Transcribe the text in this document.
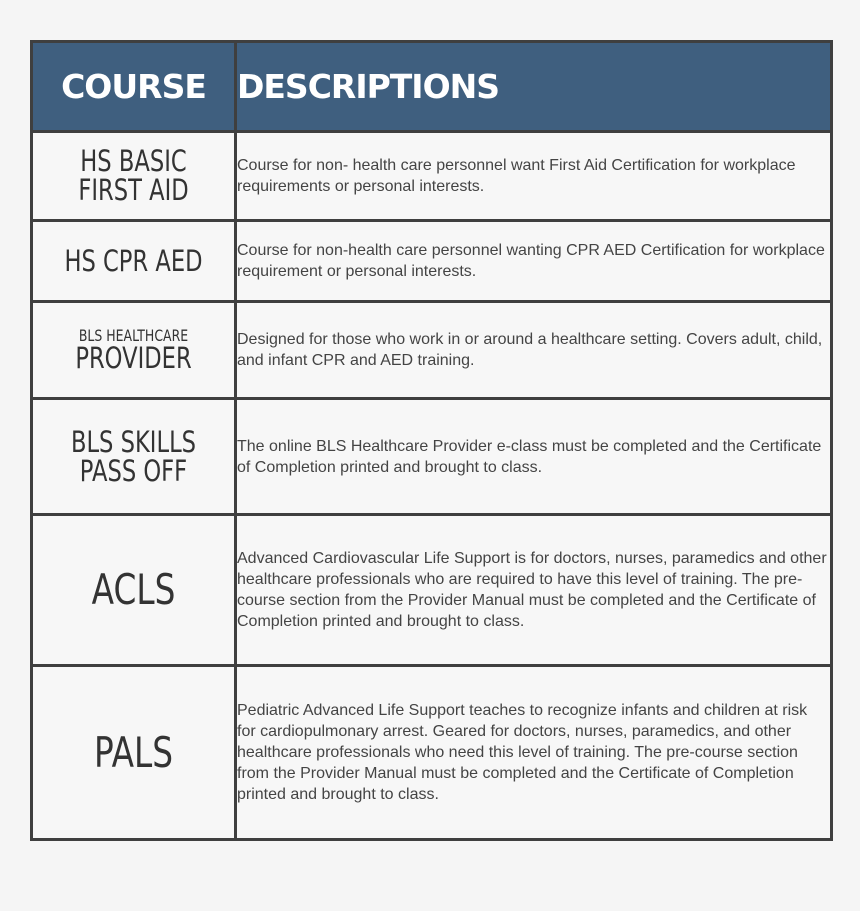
COURSE	DESCRIPTIONS

HS BASIC
FIRST AID	Course for non- health care personnel want First Aid Certification for workplace requirements or personal interests.

HS CPR AED	Course for non-health care personnel wanting CPR AED Certification for workplace requirement or personal interests.

BLS HEALTHCARE
PROVIDER	Designed for those who work in or around a healthcare setting. Covers adult, child, and infant CPR and AED training.

BLS SKILLS
PASS OFF	The online BLS Healthcare Provider e-class must be completed and the Certificate of Completion printed and brought to class.

ACLS	Advanced Cardiovascular Life Support is for doctors, nurses, paramedics and other healthcare professionals who are required to have this level of training. The pre-course section from the Provider Manual must be completed and the Certificate of Completion printed and brought to class.

PALS	Pediatric Advanced Life Support teaches to recognize infants and children at risk for cardiopulmonary arrest. Geared for doctors, nurses, paramedics, and other healthcare professionals who need this level of training. The pre-course section from the Provider Manual must be completed and the Certificate of Completion printed and brought to class.
